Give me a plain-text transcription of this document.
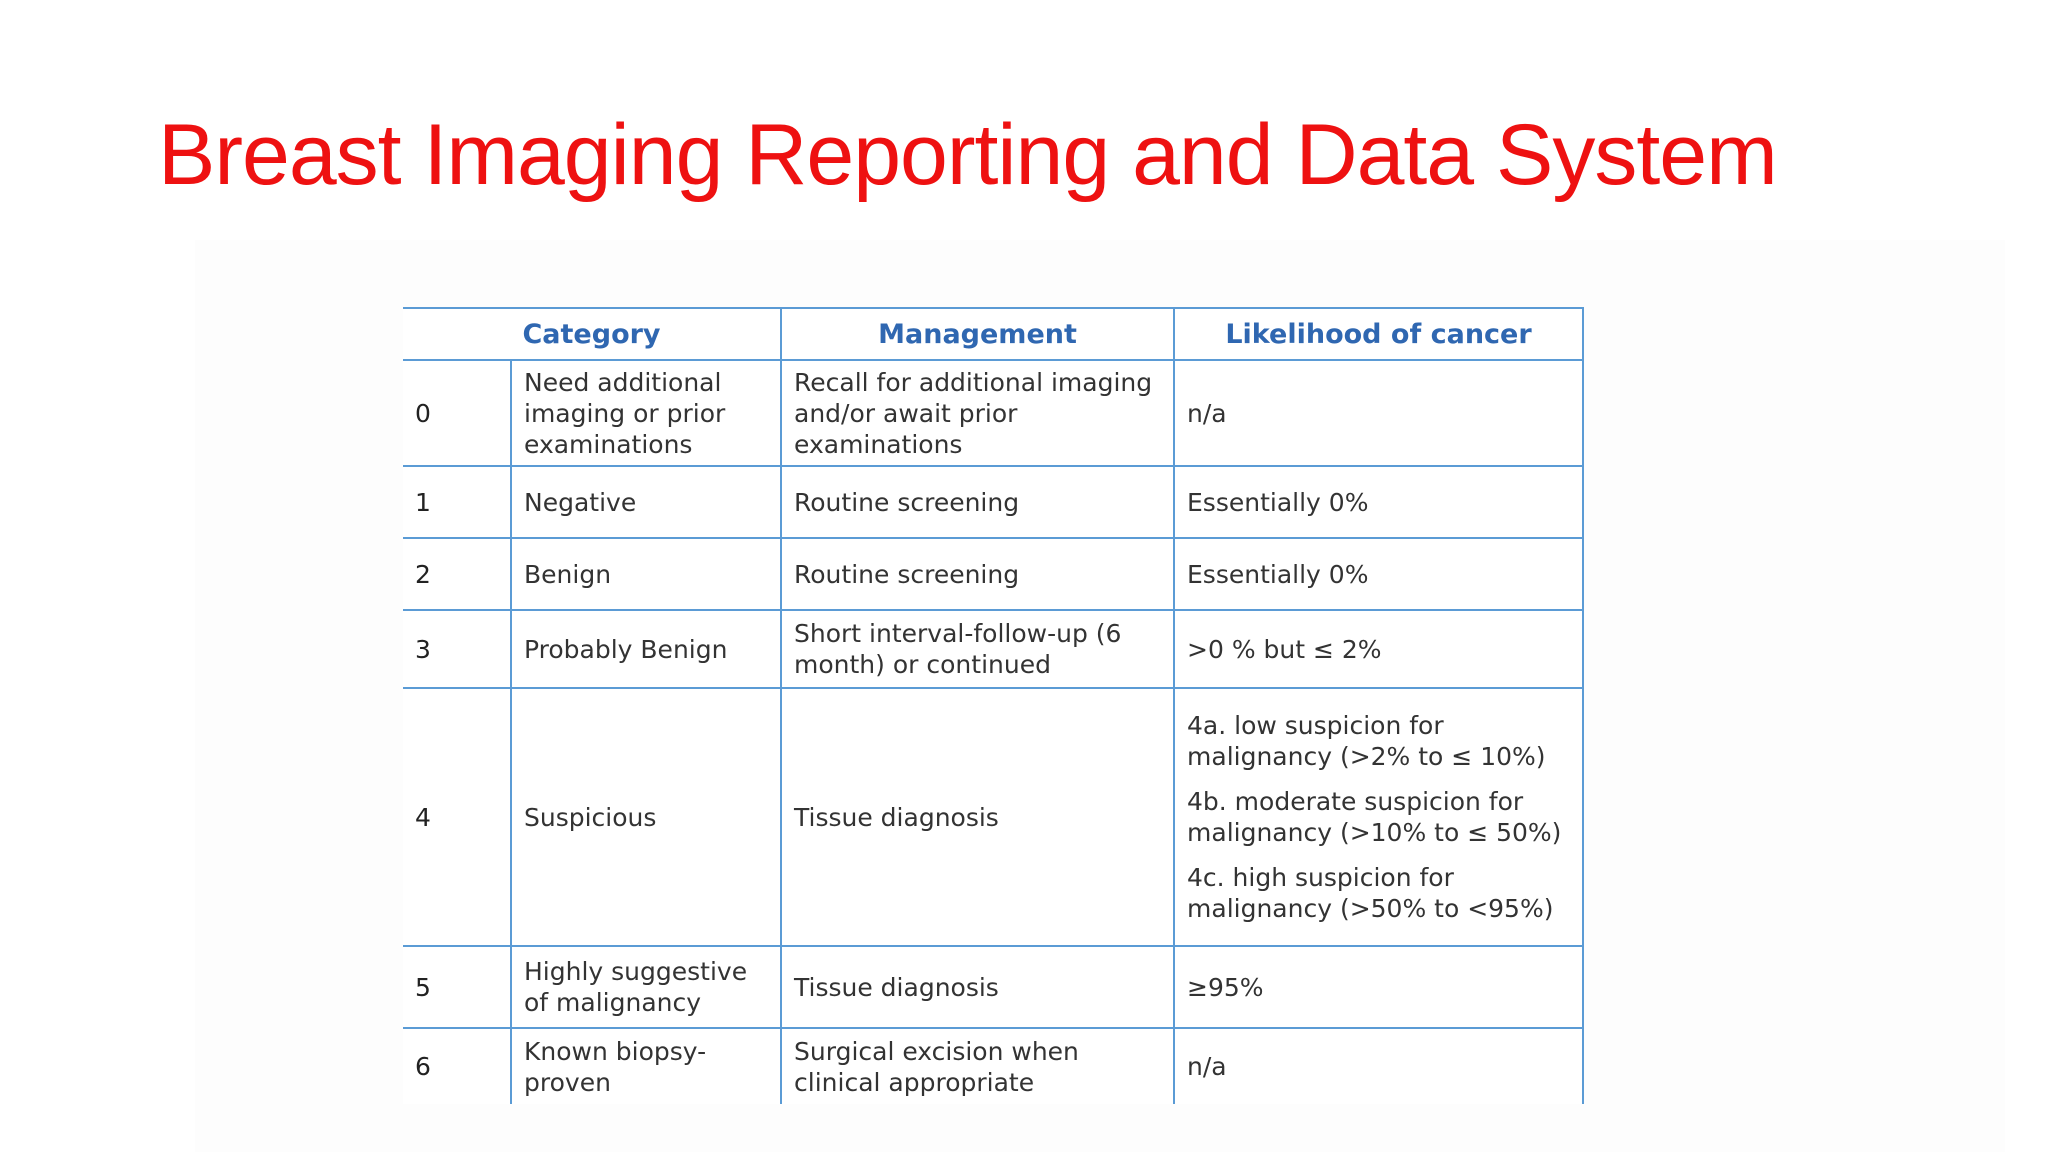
Breast Imaging Reporting and Data System
Category		Management	Likelihood of cancer
0	Need additional imaging or prior examinations	Recall for additional imaging and/or await prior examinations	n/a

1	Negative	Routine screening	Essentially 0%

2	Benign	Routine screening	Essentially 0%

3	Probably Benign	Short interval-follow-up (6 month) or continued	>0 % but ≤ 2%

4	Suspicious	Tissue diagnosis	4a. low suspicion for malignancy (>2% to ≤ 10%)
4b. moderate suspicion for malignancy (>10% to ≤ 50%)
4c. high suspicion for malignancy (>50% to <95%)

5	Highly suggestive of malignancy	Tissue diagnosis	≥95%

6	Known biopsy-proven	Surgical excision when clinical appropriate	n/a
